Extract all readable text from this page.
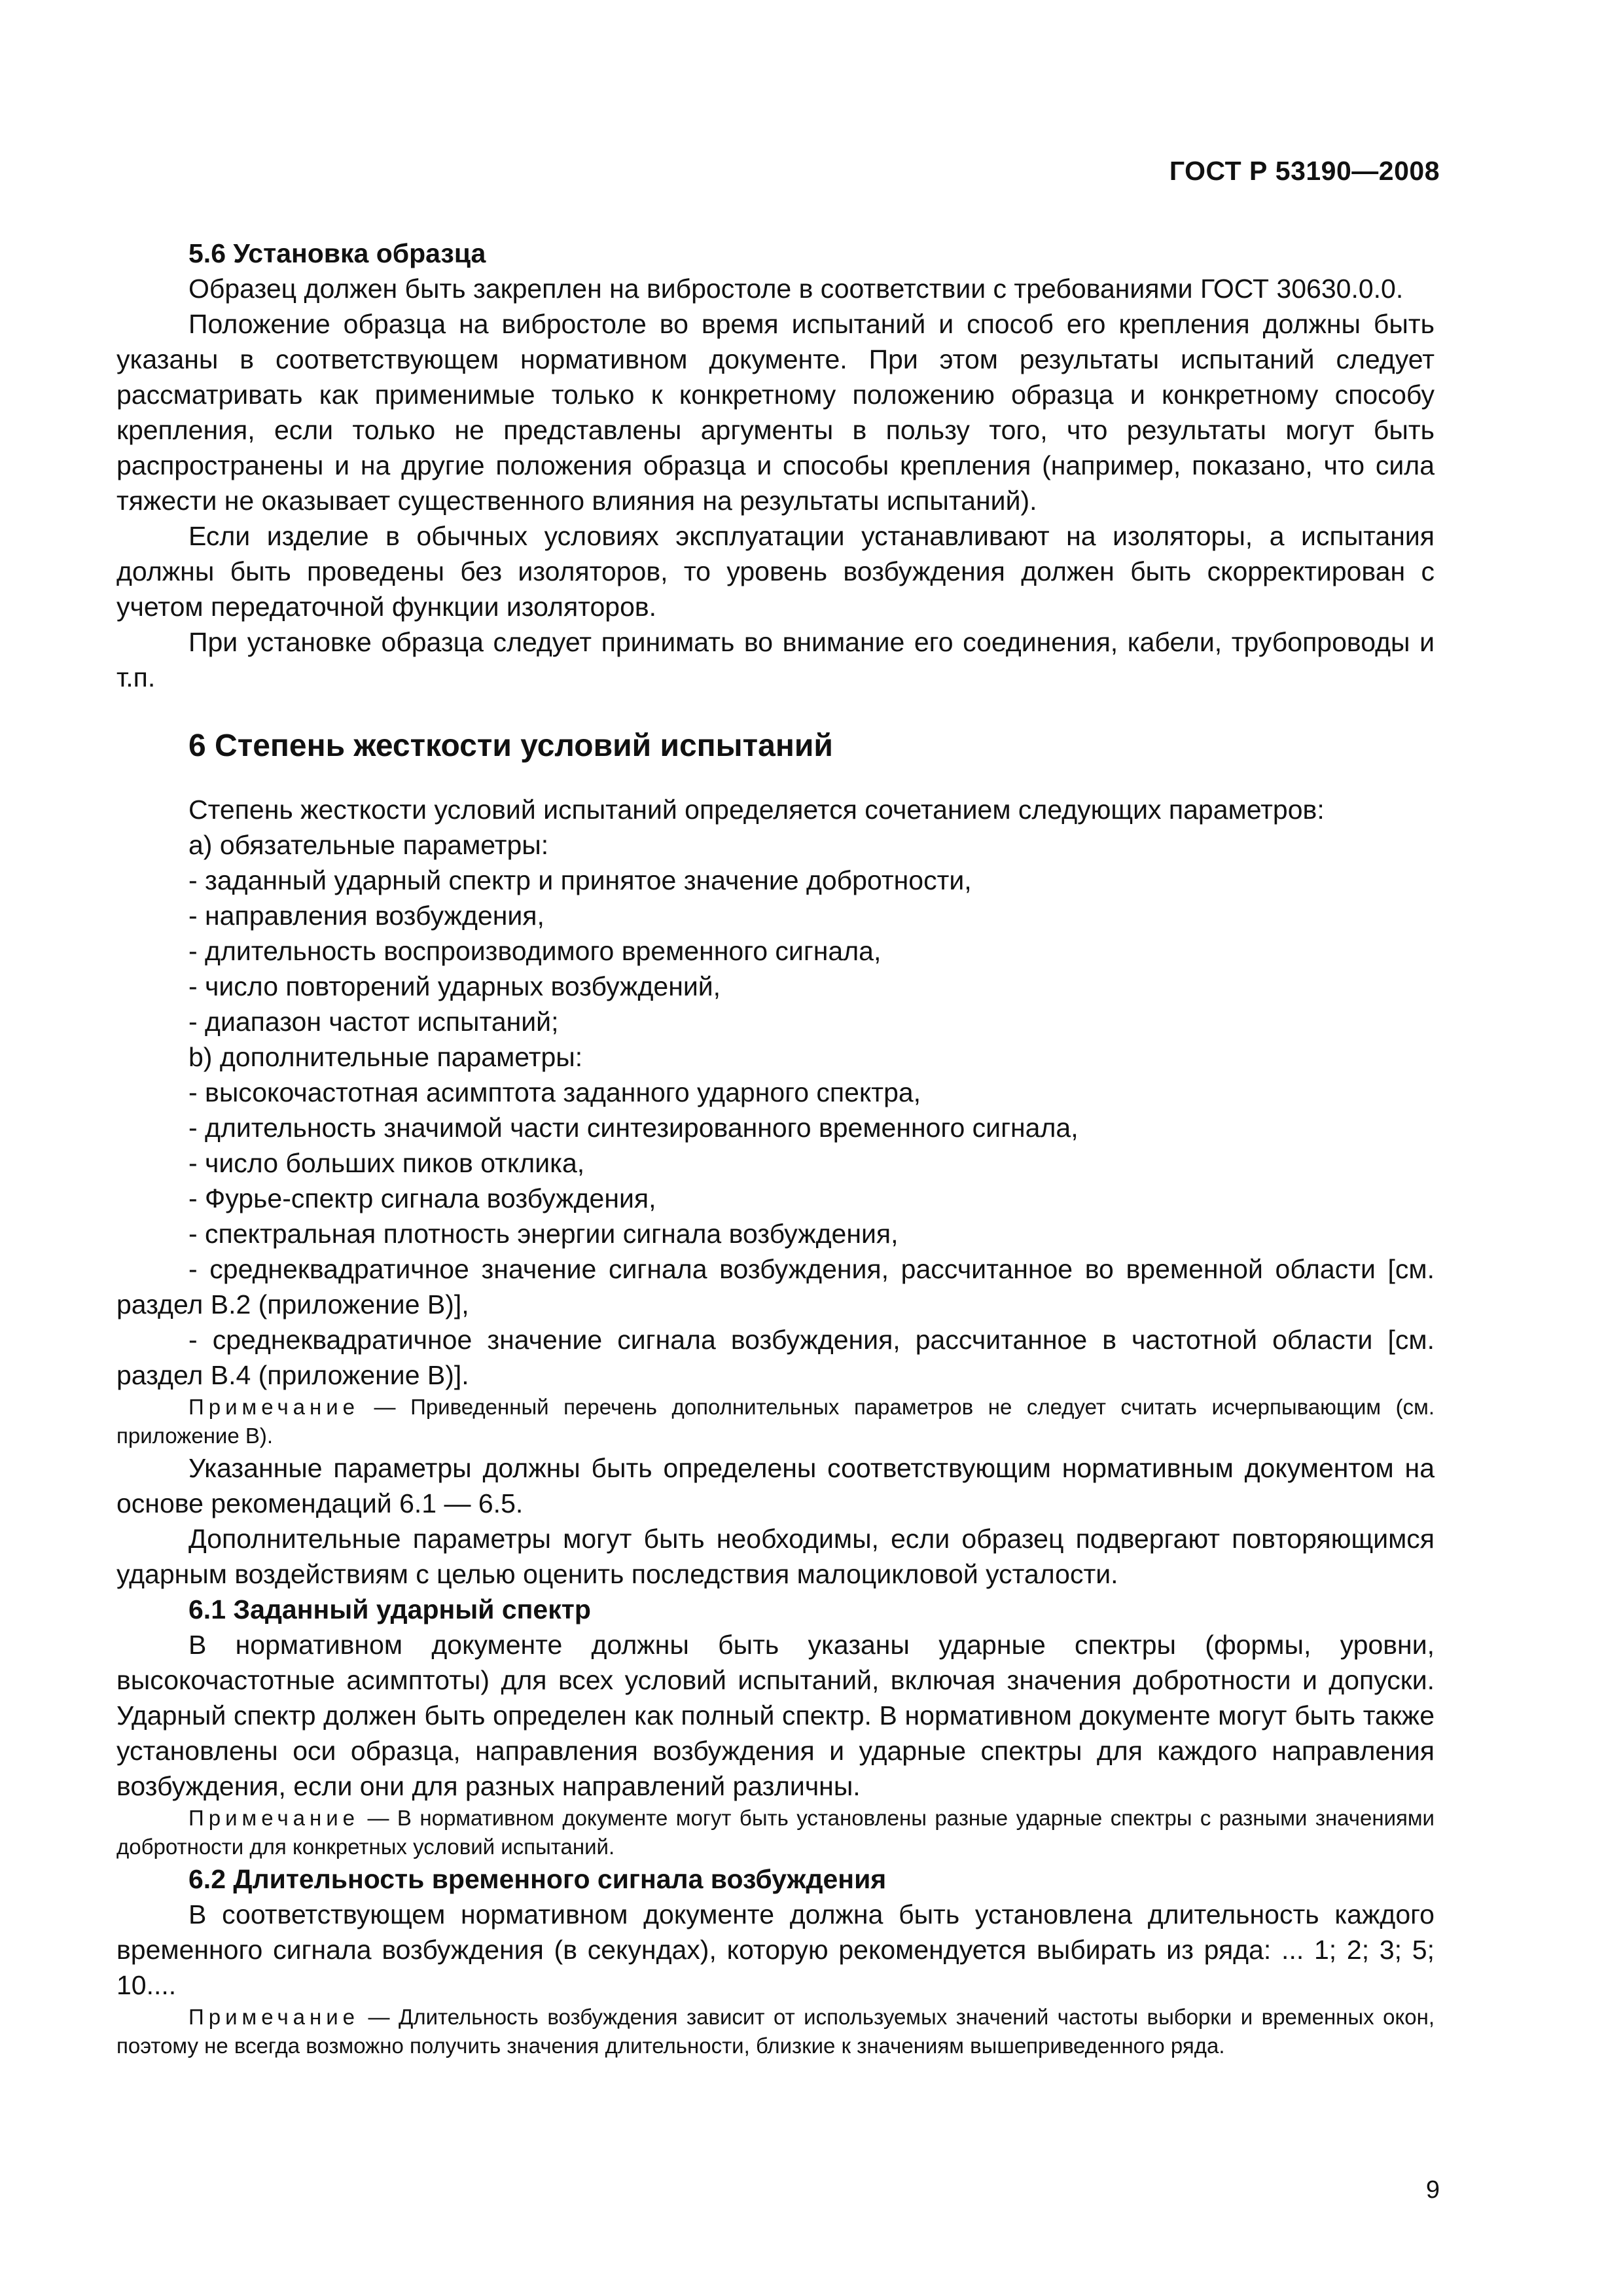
ГОСТ Р 53190—2008

5.6 Установка образца

Образец должен быть закреплен на вибростоле в соответствии с требованиями ГОСТ 30630.0.0.

Положение образца на вибростоле во время испытаний и способ его крепления должны быть указаны в соответствующем нормативном документе. При этом результаты испытаний следует рассматривать как применимые только к конкретному положению образца и конкретному способу крепления, если только не представлены аргументы в пользу того, что результаты могут быть распространены и на другие положения образца и способы крепления (например, показано, что сила тяжести не оказывает существенного влияния на результаты испытаний).

Если изделие в обычных условиях эксплуатации устанавливают на изоляторы, а испытания должны быть проведены без изоляторов, то уровень возбуждения должен быть скорректирован с учетом передаточной функции изоляторов.

При установке образца следует принимать во внимание его соединения, кабели, трубопроводы и т.п.

6 Степень жесткости условий испытаний

Степень жесткости условий испытаний определяется сочетанием следующих параметров:

a) обязательные параметры:

- заданный ударный спектр и принятое значение добротности,

- направления возбуждения,

- длительность воспроизводимого временного сигнала,

- число повторений ударных возбуждений,

- диапазон частот испытаний;

b) дополнительные параметры:

- высокочастотная асимптота заданного ударного спектра,

- длительность значимой части синтезированного временного сигнала,

- число больших пиков отклика,

- Фурье-спектр сигнала возбуждения,

- спектральная плотность энергии сигнала возбуждения,

- среднеквадратичное значение сигнала возбуждения, рассчитанное во временной области [см. раздел В.2 (приложение В)],

- среднеквадратичное значение сигнала возбуждения, рассчитанное в частотной области [см. раздел В.4 (приложение В)].

Примечание — Приведенный перечень дополнительных параметров не следует считать исчерпывающим (см. приложение В).

Указанные параметры должны быть определены соответствующим нормативным документом на основе рекомендаций 6.1 — 6.5.

Дополнительные параметры могут быть необходимы, если образец подвергают повторяющимся ударным воздействиям с целью оценить последствия малоцикловой усталости.

6.1 Заданный ударный спектр

В нормативном документе должны быть указаны ударные спектры (формы, уровни, высокочастотные асимптоты) для всех условий испытаний, включая значения добротности и допуски. Ударный спектр должен быть определен как полный спектр. В нормативном документе могут быть также установлены оси образца, направления возбуждения и ударные спектры для каждого направления возбуждения, если они для разных направлений различны.

Примечание — В нормативном документе могут быть установлены разные ударные спектры с разными значениями добротности для конкретных условий испытаний.

6.2 Длительность временного сигнала возбуждения

В соответствующем нормативном документе должна быть установлена длительность каждого временного сигнала возбуждения (в секундах), которую рекомендуется выбирать из ряда: ... 1; 2; 3; 5; 10....

Примечание — Длительность возбуждения зависит от используемых значений частоты выборки и временных окон, поэтому не всегда возможно получить значения длительности, близкие к значениям вышеприведенного ряда.

9
